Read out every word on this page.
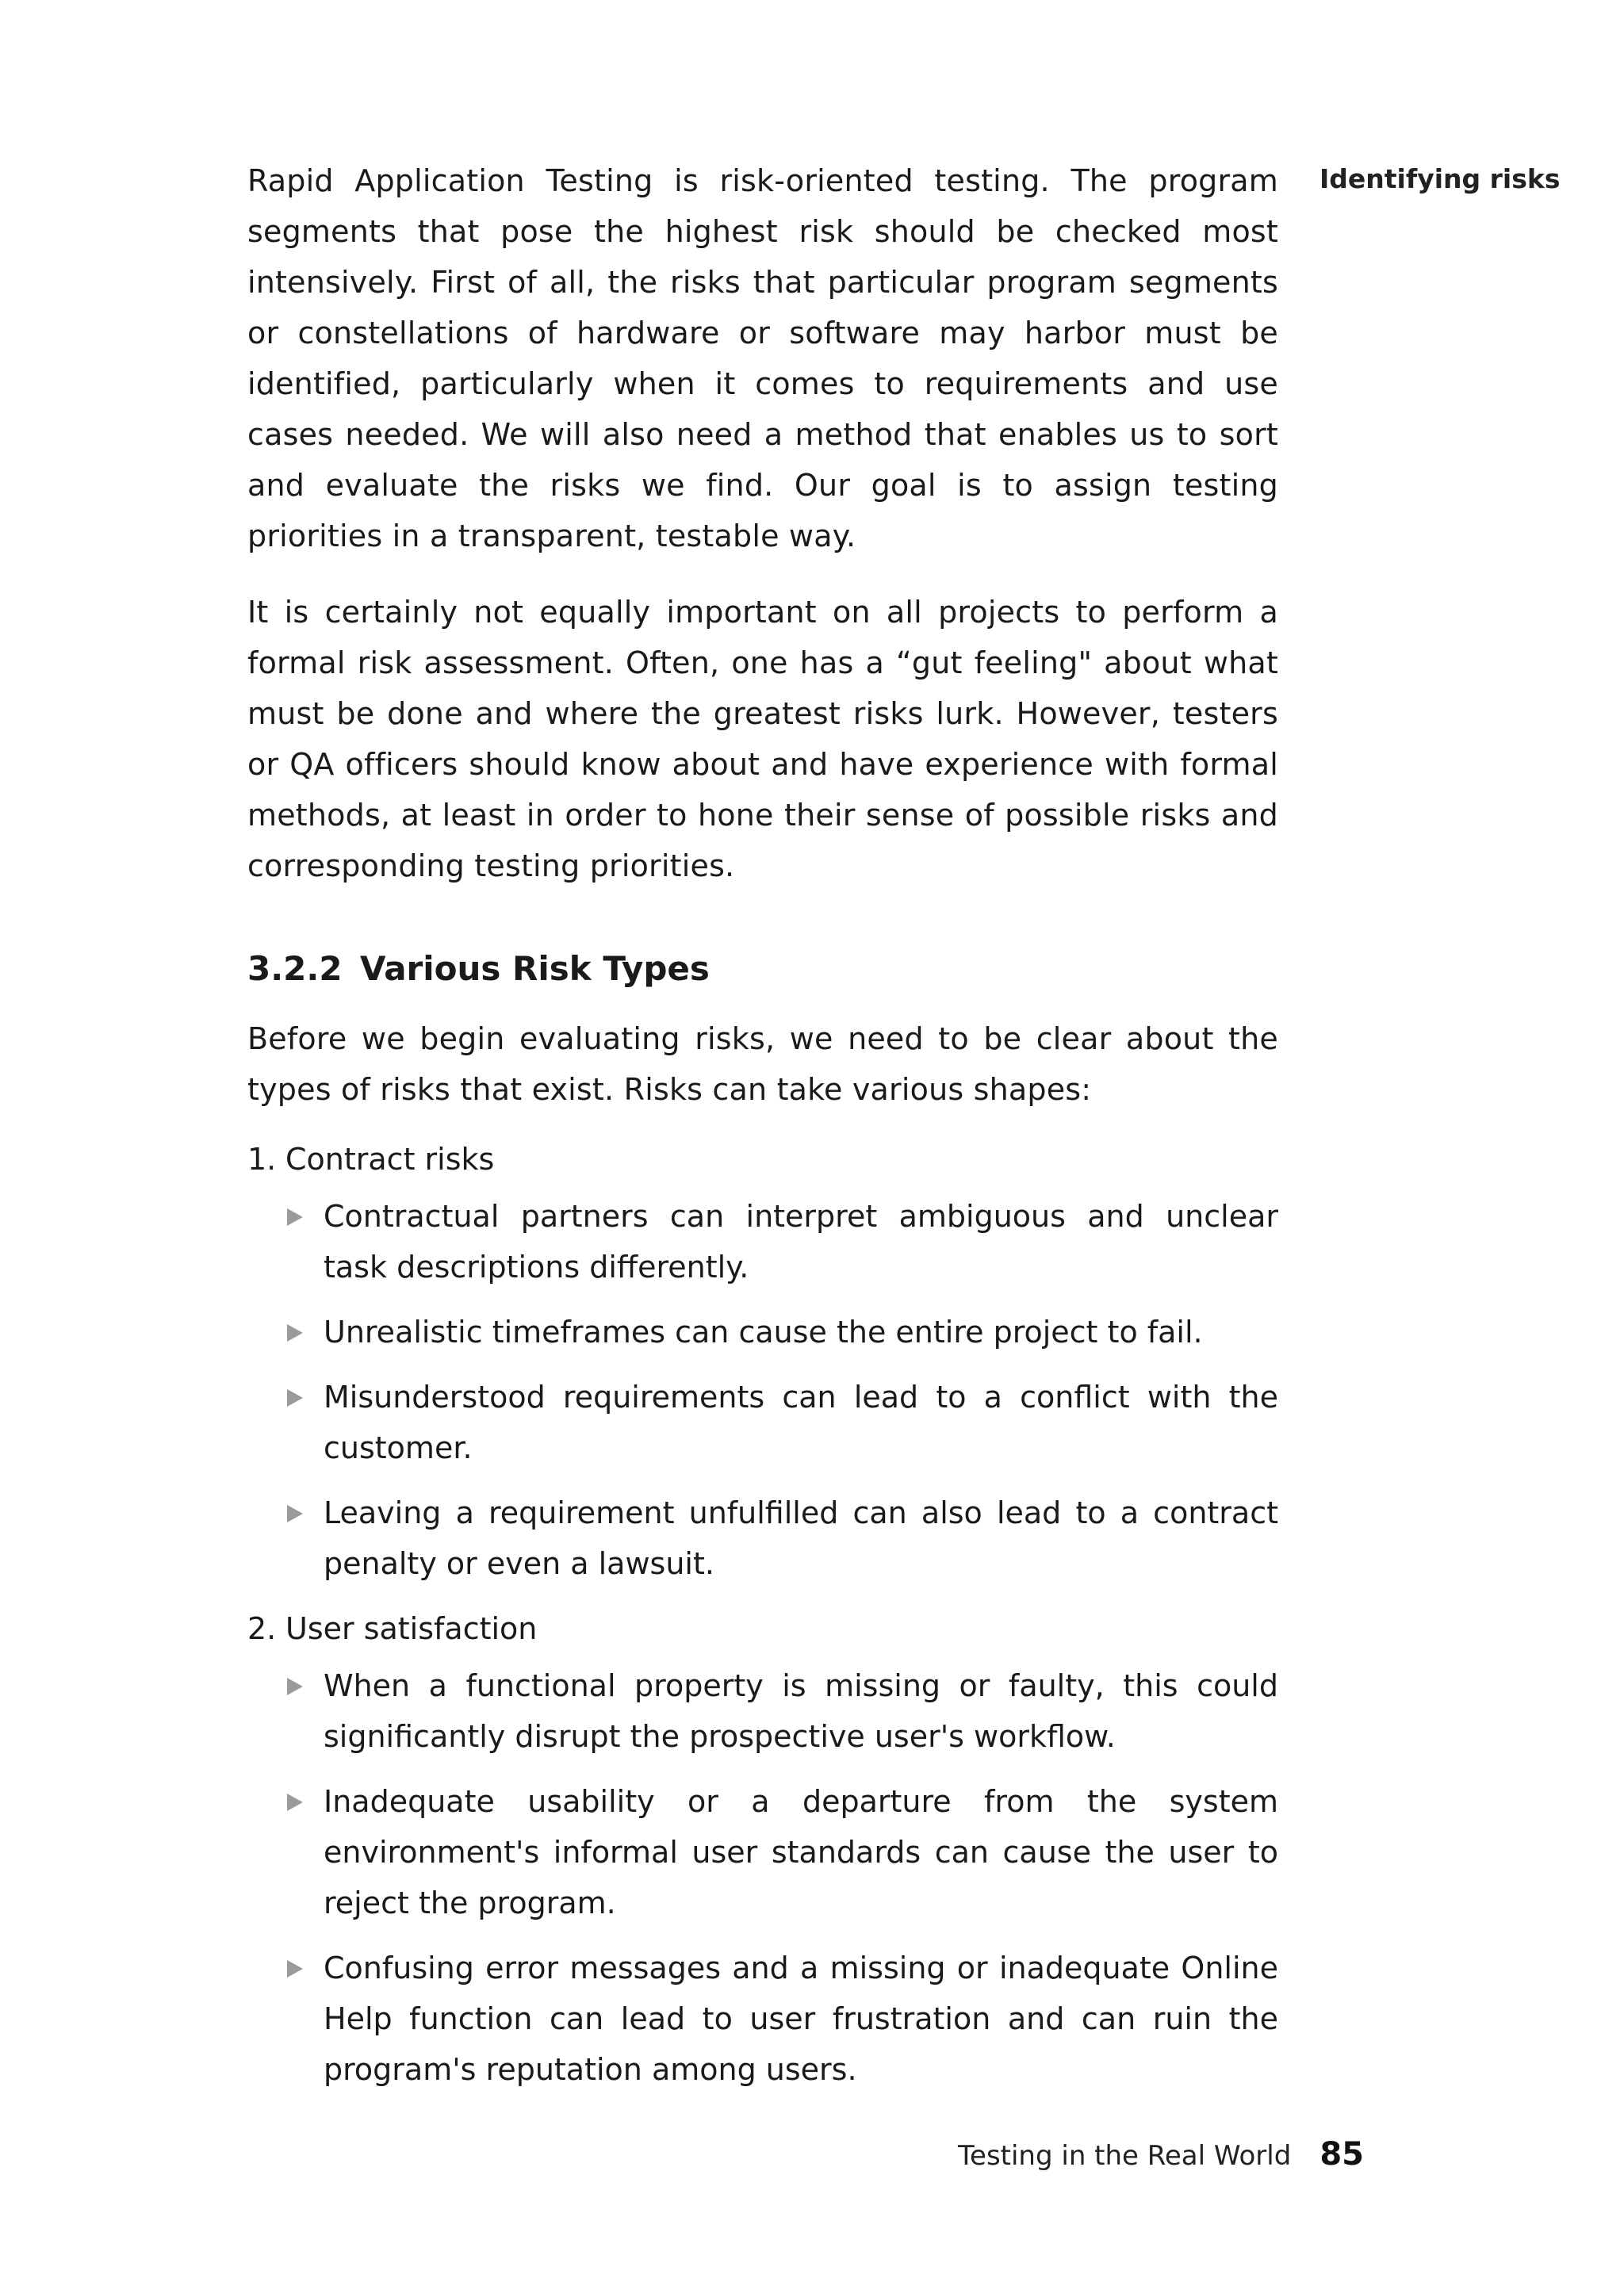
Identifying risks

Rapid Application Testing is risk-oriented testing. The program segments that pose the highest risk should be checked most intensively. First of all, the risks that particular program segments or constellations of hardware or software may harbor must be identified, particularly when it comes to requirements and use cases needed. We will also need a method that enables us to sort and evaluate the risks we find. Our goal is to assign testing priorities in a transparent, testable way.

It is certainly not equally important on all projects to perform a formal risk assessment. Often, one has a “gut feeling" about what must be done and where the greatest risks lurk. However, testers or QA officers should know about and have experience with formal methods, at least in order to hone their sense of possible risks and corresponding testing priorities.

3.2.2 Various Risk Types

Before we begin evaluating risks, we need to be clear about the types of risks that exist. Risks can take various shapes:

1. Contract risks
Contractual partners can interpret ambiguous and unclear task descriptions differently.
Unrealistic timeframes can cause the entire project to fail.
Misunderstood requirements can lead to a conflict with the customer.
Leaving a requirement unfulfilled can also lead to a contract penalty or even a lawsuit.
2. User satisfaction
When a functional property is missing or faulty, this could significantly disrupt the prospective user's workflow.
Inadequate usability or a departure from the system environment's informal user standards can cause the user to reject the program.
Confusing error messages and a missing or inadequate Online Help function can lead to user frustration and can ruin the program's reputation among users.
Testing in the Real World 85
